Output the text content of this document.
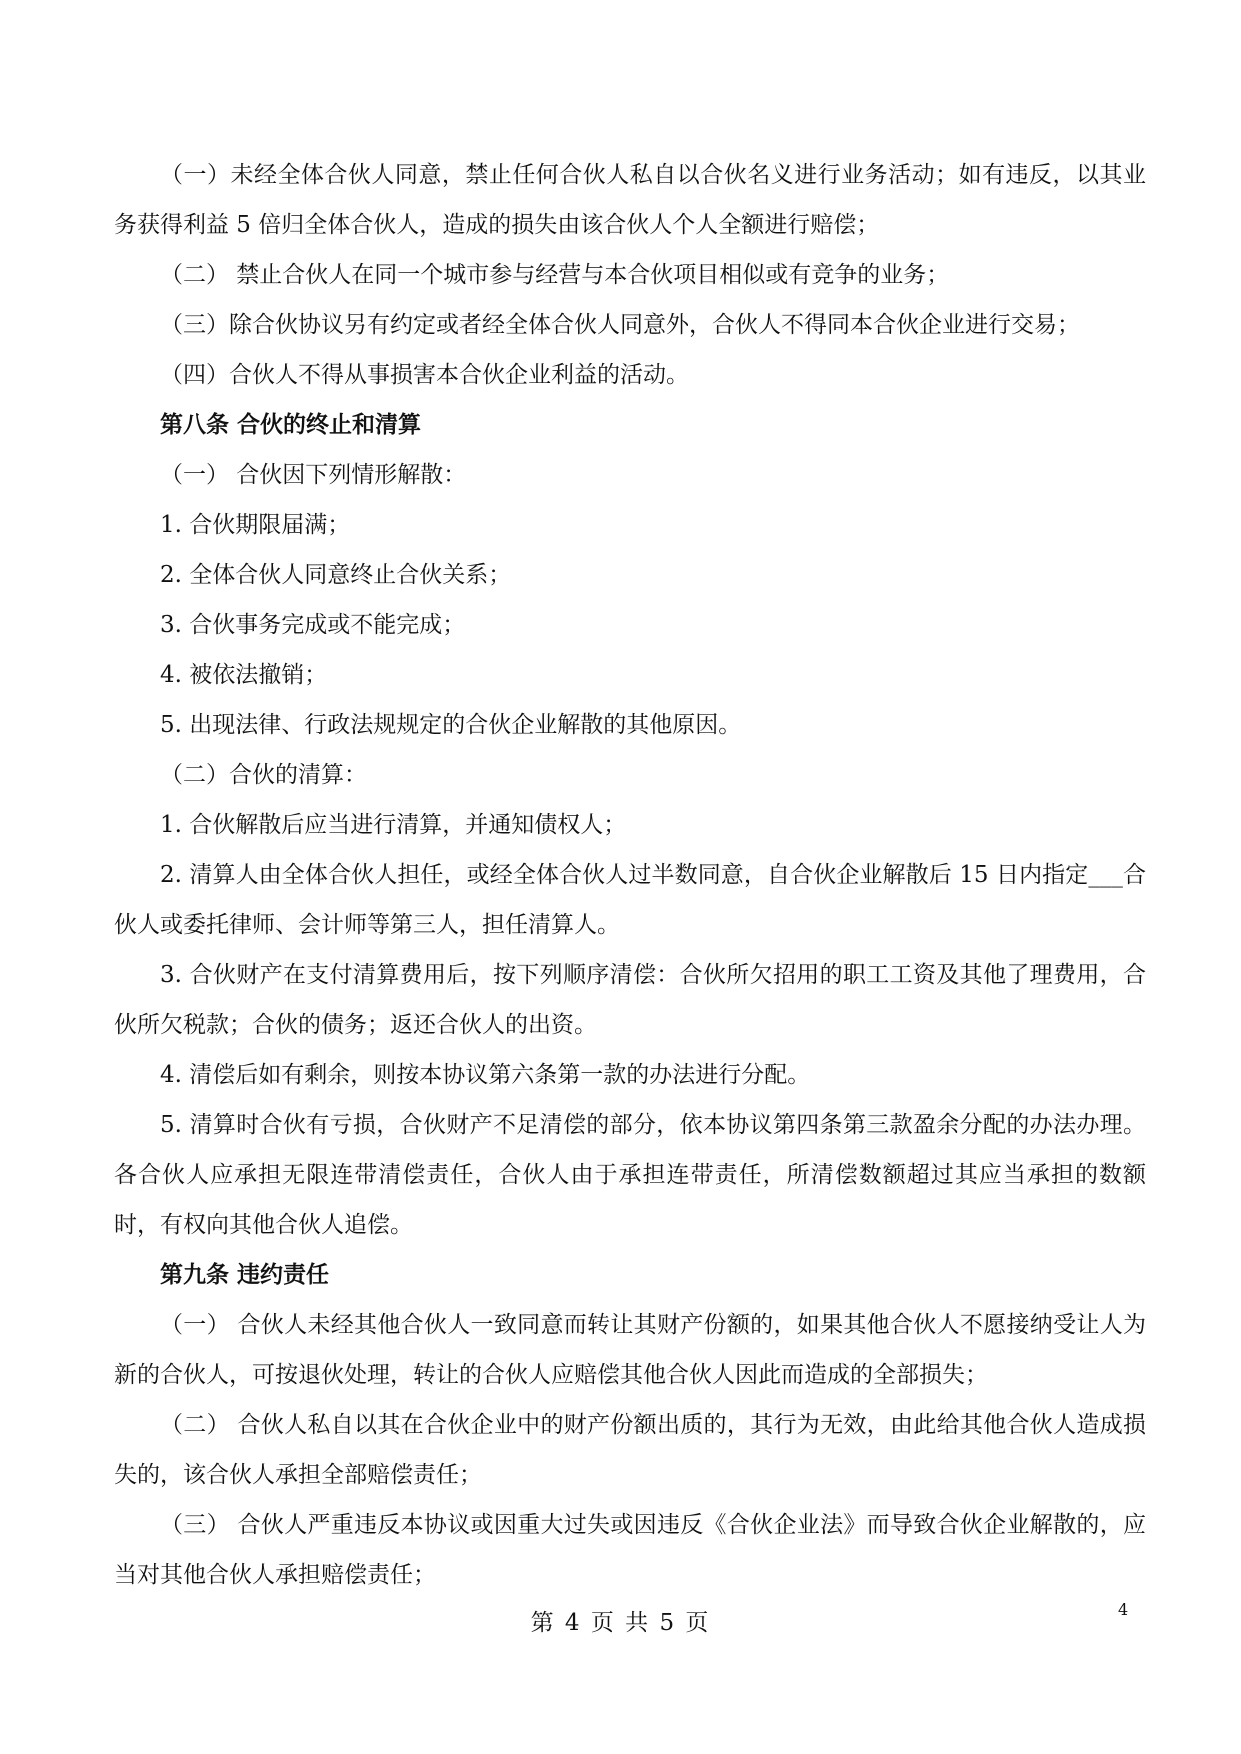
（一）未经全体合伙人同意，禁止任何合伙人私自以合伙名义进行业务活动；如有违反，以其业务获得利益 5 倍归全体合伙人，造成的损失由该合伙人个人全额进行赔偿；

（二） 禁止合伙人在同一个城市参与经营与本合伙项目相似或有竞争的业务；

（三）除合伙协议另有约定或者经全体合伙人同意外，合伙人不得同本合伙企业进行交易；

（四）合伙人不得从事损害本合伙企业利益的活动。

第八条 合伙的终止和清算

（一） 合伙因下列情形解散：

1. 合伙期限届满；

2. 全体合伙人同意终止合伙关系；

3. 合伙事务完成或不能完成；

4. 被依法撤销；

5. 出现法律、行政法规规定的合伙企业解散的其他原因。

（二）合伙的清算：

1. 合伙解散后应当进行清算，并通知债权人；

2. 清算人由全体合伙人担任，或经全体合伙人过半数同意，自合伙企业解散后 15 日内指定___合伙人或委托律师、会计师等第三人，担任清算人。

3. 合伙财产在支付清算费用后，按下列顺序清偿：合伙所欠招用的职工工资及其他了理费用，合伙所欠税款；合伙的债务；返还合伙人的出资。

4. 清偿后如有剩余，则按本协议第六条第一款的办法进行分配。

5. 清算时合伙有亏损，合伙财产不足清偿的部分，依本协议第四条第三款盈余分配的办法办理。各合伙人应承担无限连带清偿责任，合伙人由于承担连带责任，所清偿数额超过其应当承担的数额时，有权向其他合伙人追偿。

第九条 违约责任

（一） 合伙人未经其他合伙人一致同意而转让其财产份额的，如果其他合伙人不愿接纳受让人为新的合伙人，可按退伙处理，转让的合伙人应赔偿其他合伙人因此而造成的全部损失；

（二） 合伙人私自以其在合伙企业中的财产份额出质的，其行为无效，由此给其他合伙人造成损失的，该合伙人承担全部赔偿责任；

（三） 合伙人严重违反本协议或因重大过失或因违反《合伙企业法》而导致合伙企业解散的，应当对其他合伙人承担赔偿责任；

第 4 页 共 5 页
4
